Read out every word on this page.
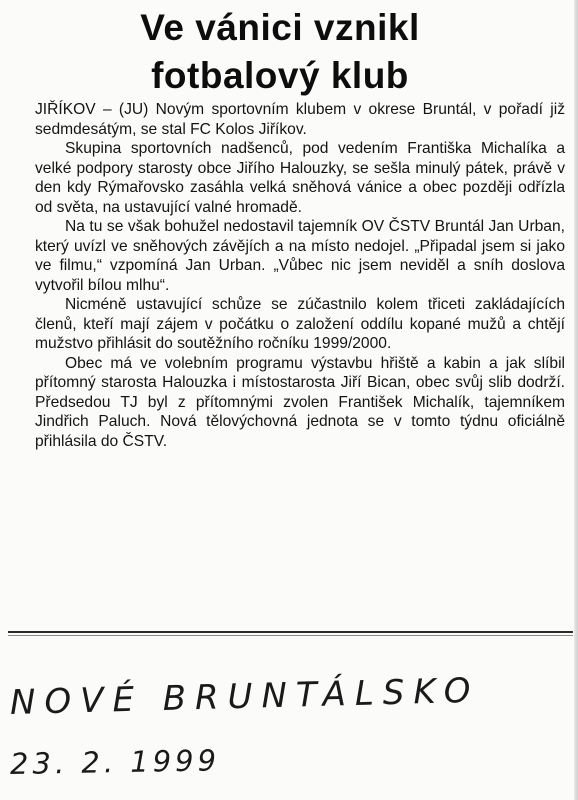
Ve vánici vznikl
fotbalový klub

JIŘÍKOV – (JU) Novým sportovním klubem v okrese Bruntál, v pořadí již sedmdesátým, se stal FC Kolos Jiříkov.

Skupina sportovních nadšenců, pod vedením Františka Michalíka a velké podpory starosty obce Jiřího Halouzky, se sešla minulý pátek, právě v den kdy Rýmařovsko zasáhla velká sněhová vánice a obec později odřízla od světa, na ustavující valné hromadě.

Na tu se však bohužel nedostavil tajemník OV ČSTV Bruntál Jan Urban, který uvízl ve sněhových závějích a na místo nedojel. „Připadal jsem si jako ve filmu,“ vzpomíná Jan Urban. „Vůbec nic jsem neviděl a sníh doslova vytvořil bílou mlhu“.

Nicméně ustavující schůze se zúčastnilo kolem třiceti zakládajících členů, kteří mají zájem v počátku o založení oddílu kopané mužů a chtějí mužstvo přihlásit do soutěžního ročníku 1999/2000.

Obec má ve volebním programu výstavbu hřiště a kabin a jak slíbil přítomný starosta Halouzka i místostarosta Jiří Bican, obec svůj slib dodrží. Předsedou TJ byl z přítomnými zvolen František Michalík, tajemníkem Jindřich Paluch. Nová tělovýchovná jednota se v tomto týdnu oficiálně přihlásila do ČSTV.

NOVÉ BRUNTÁLSKO
23. 2. 1999
